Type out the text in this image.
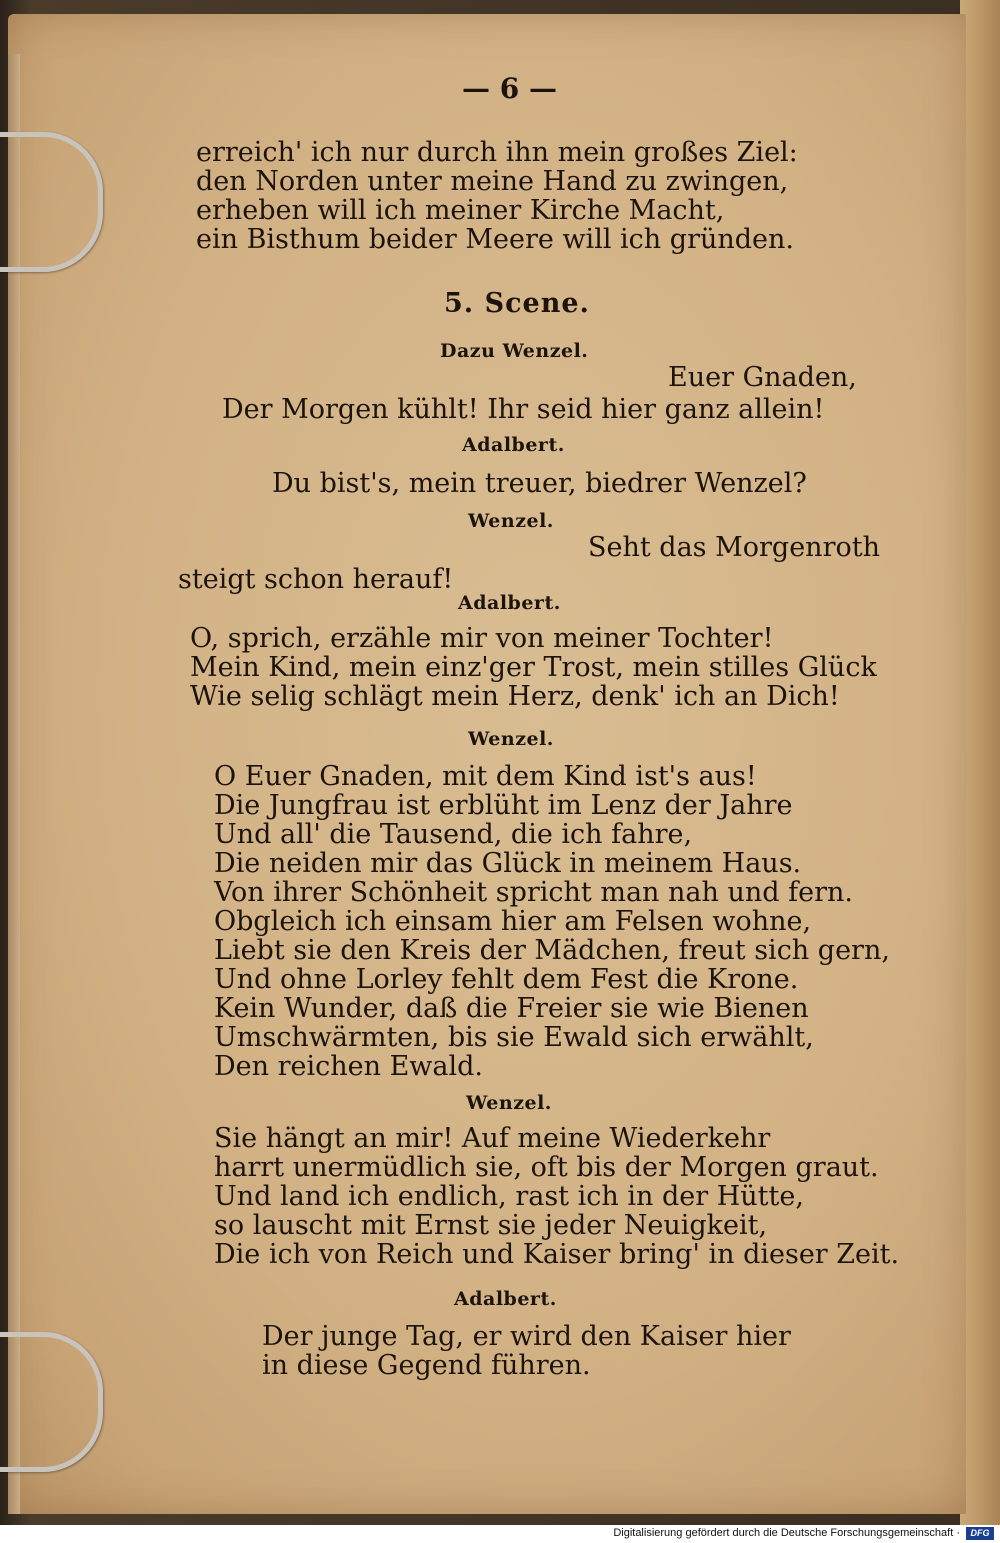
— 6 —
erreich' ich nur durch ihn mein großes Ziel:
den Norden unter meine Hand zu zwingen,
erheben will ich meiner Kirche Macht,
ein Bisthum beider Meere will ich gründen.
5. Scene.
Dazu Wenzel.
Euer Gnaden,
Der Morgen kühlt! Ihr seid hier ganz allein!
Adalbert.
Du bist's, mein treuer, biedrer Wenzel?
Wenzel.
Seht das Morgenroth
steigt schon herauf!
Adalbert.
O, sprich, erzähle mir von meiner Tochter!
Mein Kind, mein einz'ger Trost, mein stilles Glück
Wie selig schlägt mein Herz, denk' ich an Dich!
Wenzel.
O Euer Gnaden, mit dem Kind ist's aus!
Die Jungfrau ist erblüht im Lenz der Jahre
Und all' die Tausend, die ich fahre,
Die neiden mir das Glück in meinem Haus.
Von ihrer Schönheit spricht man nah und fern.
Obgleich ich einsam hier am Felsen wohne,
Liebt sie den Kreis der Mädchen, freut sich gern,
Und ohne Lorley fehlt dem Fest die Krone.
Kein Wunder, daß die Freier sie wie Bienen
Umschwärmten, bis sie Ewald sich erwählt,
Den reichen Ewald.
Wenzel.
Sie hängt an mir! Auf meine Wiederkehr
harrt unermüdlich sie, oft bis der Morgen graut.
Und land ich endlich, rast ich in der Hütte,
so lauscht mit Ernst sie jeder Neuigkeit,
Die ich von Reich und Kaiser bring' in dieser Zeit.
Adalbert.
Der junge Tag, er wird den Kaiser hier
in diese Gegend führen.
Digitalisierung gefördert durch die Deutsche Forschungsgemeinschaft ·	DFG
